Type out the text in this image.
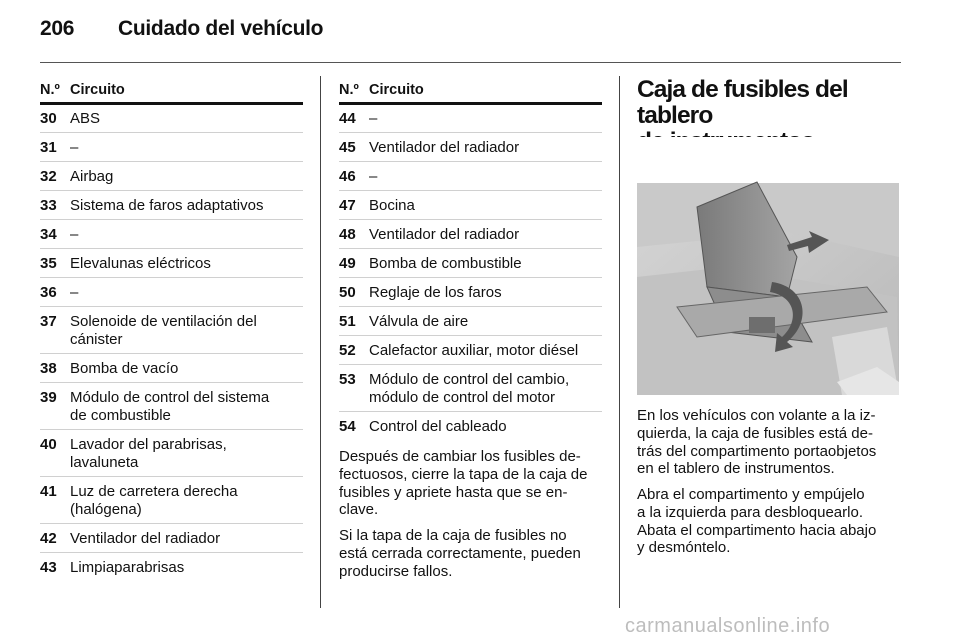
206 Cuidado del vehículo
N.º Circuito
30 ABS
31 –
32 Airbag
33 Sistema de faros adaptativos
34 –
35 Elevalunas eléctricos
36 –
37 Solenoide de ventilación del
cánister
38 Bomba de vacío
39 Módulo de control del sistema
de combustible
40 Lavador del parabrisas,
lavaluneta
41 Luz de carretera derecha
(halógena)
42 Ventilador del radiador
43 Limpiaparabrisas
N.º Circuito
44 –
45 Ventilador del radiador
46 –
47 Bocina
48 Ventilador del radiador
49 Bomba de combustible
50 Reglaje de los faros
51 Válvula de aire
52 Calefactor auxiliar, motor diésel
53 Módulo de control del cambio,
módulo de control del motor
54 Control del cableado

Después de cambiar los fusibles de-
fectuosos, cierre la tapa de la caja de
fusibles y apriete hasta que se en-
clave.

Si la tapa de la caja de fusibles no
está cerrada correctamente, pueden
producirse fallos.

Caja de fusibles del tablero

En los vehículos con volante a la iz-
quierda, la caja de fusibles está de-
trás del compartimento portaobjetos
en el tablero de instrumentos.

Abra el compartimento y empújelo
a la izquierda para desbloquearlo.
Abata el compartimento hacia abajo
y desmóntelo.

carmanualsonline.info
